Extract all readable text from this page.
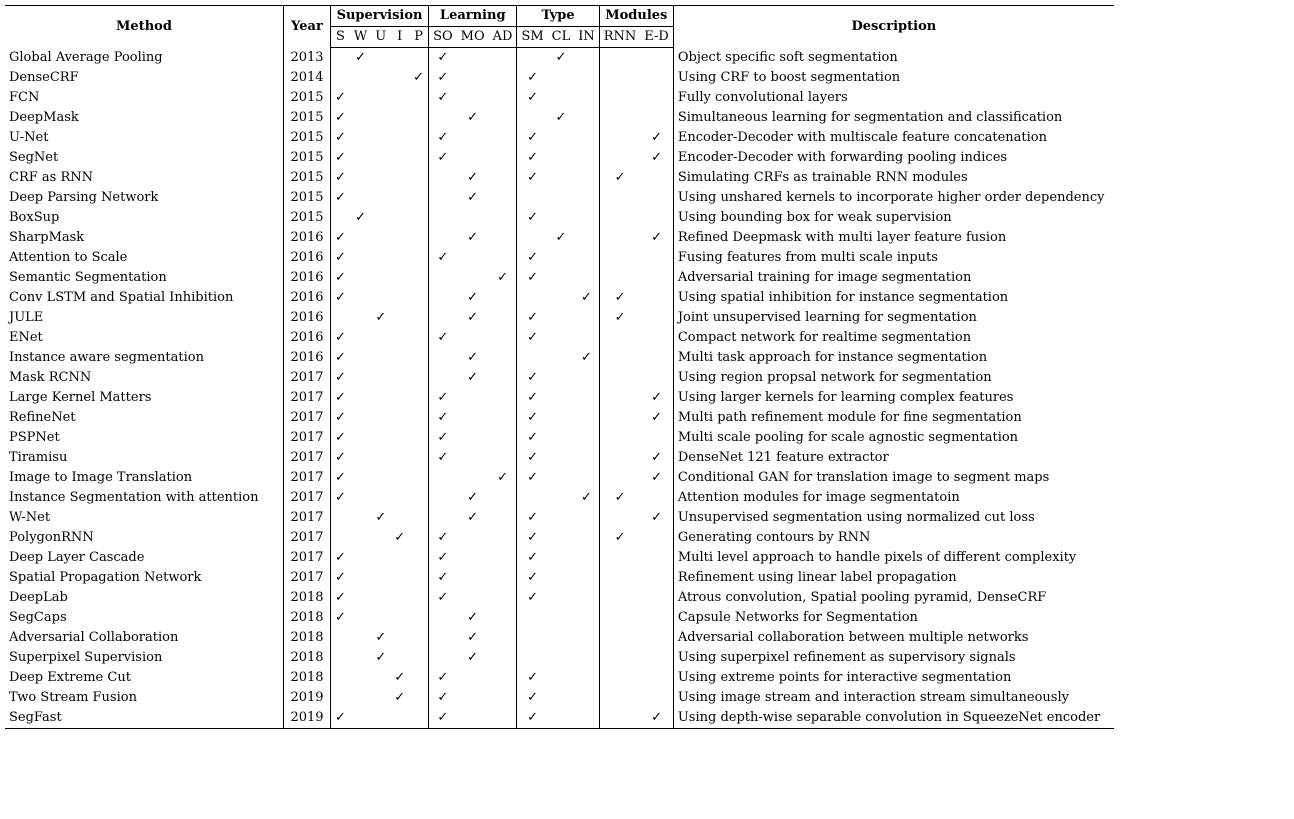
Method	Year	Supervision					Learning			Type			Modules		Description
		S	W	U	I	P	SO	MO	AD	SM	CL	IN	RNN	E-D	
Global Average Pooling	2013		✓				✓				✓				Object specific soft segmentation
DenseCRF	2014					✓	✓			✓					Using CRF to boost segmentation
FCN	2015	✓					✓			✓					Fully convolutional layers
DeepMask	2015	✓						✓			✓				Simultaneous learning for segmentation and classification
U-Net	2015	✓					✓			✓				✓	Encoder-Decoder with multiscale feature concatenation
SegNet	2015	✓					✓			✓				✓	Encoder-Decoder with forwarding pooling indices
CRF as RNN	2015	✓						✓		✓			✓		Simulating CRFs as trainable RNN modules
Deep Parsing Network	2015	✓						✓							Using unshared kernels to incorporate higher order dependency
BoxSup	2015		✓							✓					Using bounding box for weak supervision
SharpMask	2016	✓						✓			✓			✓	Refined Deepmask with multi layer feature fusion
Attention to Scale	2016	✓					✓			✓					Fusing features from multi scale inputs
Semantic Segmentation	2016	✓							✓	✓					Adversarial training for image segmentation
Conv LSTM and Spatial Inhibition	2016	✓						✓				✓	✓		Using spatial inhibition for instance segmentation
JULE	2016			✓				✓		✓			✓		Joint unsupervised learning for segmentation
ENet	2016	✓					✓			✓					Compact network for realtime segmentation
Instance aware segmentation	2016	✓						✓				✓			Multi task approach for instance segmentation
Mask RCNN	2017	✓						✓		✓					Using region propsal network for segmentation
Large Kernel Matters	2017	✓					✓			✓				✓	Using larger kernels for learning complex features
RefineNet	2017	✓					✓			✓				✓	Multi path refinement module for fine segmentation
PSPNet	2017	✓					✓			✓					Multi scale pooling for scale agnostic segmentation
Tiramisu	2017	✓					✓			✓				✓	DenseNet 121 feature extractor
Image to Image Translation	2017	✓							✓	✓				✓	Conditional GAN for translation image to segment maps
Instance Segmentation with attention	2017	✓						✓				✓	✓		Attention modules for image segmentatoin
W-Net	2017			✓				✓		✓				✓	Unsupervised segmentation using normalized cut loss
PolygonRNN	2017				✓		✓			✓			✓		Generating contours by RNN
Deep Layer Cascade	2017	✓					✓			✓					Multi level approach to handle pixels of different complexity
Spatial Propagation Network	2017	✓					✓			✓					Refinement using linear label propagation
DeepLab	2018	✓					✓			✓					Atrous convolution, Spatial pooling pyramid, DenseCRF
SegCaps	2018	✓						✓							Capsule Networks for Segmentation
Adversarial Collaboration	2018			✓				✓							Adversarial collaboration between multiple networks
Superpixel Supervision	2018			✓				✓							Using superpixel refinement as supervisory signals
Deep Extreme Cut	2018				✓		✓			✓					Using extreme points for interactive segmentation
Two Stream Fusion	2019				✓		✓			✓					Using image stream and interaction stream simultaneously
SegFast	2019	✓					✓			✓				✓	Using depth-wise separable convolution in SqueezeNet encoder
